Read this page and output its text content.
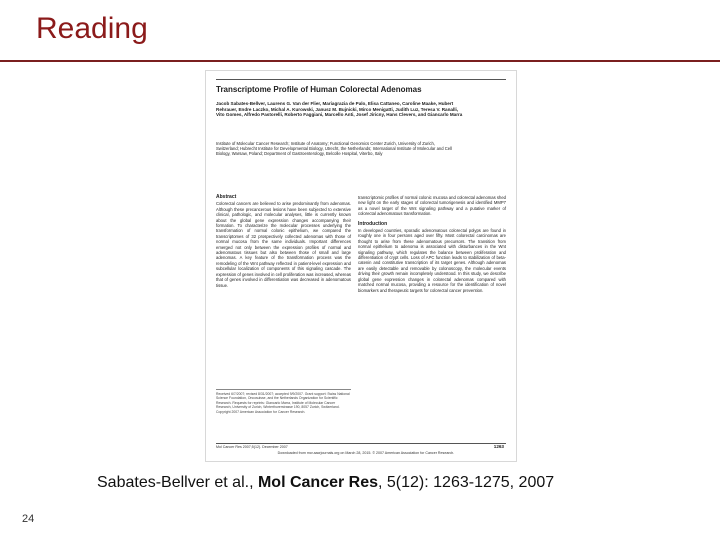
Reading
Transcriptome Profile of Human Colorectal Adenomas
Jacob Sabates-Bellver, Laurens G. Van der Flier, Mariagrazia de Palo, Elisa Cattaneo, Caroline Maake, Hubert Rehrauer, Endre Laczko, Michal A. Kurowski, Janusz M. Bujnicki, Mirco Menigatti, Judith Luz, Teresa V. Ranalli, Vito Gomes, Alfredo Pastorelli, Roberto Faggiani, Marcello Anti, Josef Jiricny, Hans Clevers, and Giancarlo Marra
Institute of Molecular Cancer Research; Institute of Anatomy; Functional Genomics Center Zurich, University of Zurich, Switzerland; Hubrecht Institute for Developmental Biology, Utrecht, the Netherlands; International Institute of Molecular and Cell Biology, Warsaw, Poland; Department of Gastroenterology, Belcolle Hospital, Viterbo, Italy
Abstract
Colorectal cancers are believed to arise predominantly from adenomas. Although these precancerous lesions have been subjected to extensive clinical, pathologic, and molecular analyses, little is currently known about the global gene expression changes accompanying their formation. To characterize the molecular processes underlying the transformation of normal colonic epithelium, we compared the transcriptomes of 32 prospectively collected adenomas with those of normal mucosa from the same individuals. Important differences emerged not only between the expression profiles of normal and adenomatous tissues but also between those of small and large adenomas. A key feature of the transformation process was the remodeling of the Wnt pathway reflected in patient-level expression and subcellular localization of components of this signaling cascade. The expression of genes involved in cell proliferation was increased, whereas that of genes involved in differentiation was decreased in adenomatous tissue.
transcriptomic profiles of normal colonic mucosa and colorectal adenomas shed new light on the early stages of colorectal tumorigenesis and identified MMP7 as a novel target of the Wnt signaling pathway and a putative marker of colorectal adenomatous transformation.
Introduction
In developed countries, sporadic adenomatous colorectal polyps are found in roughly one in four persons aged over fifty. Most colorectal carcinomas are thought to arise from these adenomatous precursors. The transition from normal epithelium to adenoma is associated with disturbances in the Wnt signaling pathway, which regulates the balance between proliferation and differentiation of crypt cells. Loss of APC function leads to stabilization of beta-catenin and constitutive transcription of its target genes. Although adenomas are easily detectable and removable by colonoscopy, the molecular events driving their growth remain incompletely understood. In this study, we describe global gene expression changes in colorectal adenomas compared with matched normal mucosa, providing a resource for the identification of novel biomarkers and therapeutic targets for colorectal cancer prevention.
Received 6/7/2007; revised 8/31/2007; accepted 9/9/2007. Grant support: Swiss National Science Foundation, Oncosuisse, and the Netherlands Organization for Scientific Research. Requests for reprints: Giancarlo Marra, Institute of Molecular Cancer Research, University of Zurich, Winterthurerstrasse 190, 8057 Zurich, Switzerland. Copyright 2007 American Association for Cancer Research.
Mol Cancer Res 2007;5(12). December 2007	1263
Downloaded from mcr.aacrjournals.org on March 28, 2015. © 2007 American Association for Cancer Research.
Sabates-Bellver et al., Mol Cancer Res, 5(12): 1263-1275, 2007
24
